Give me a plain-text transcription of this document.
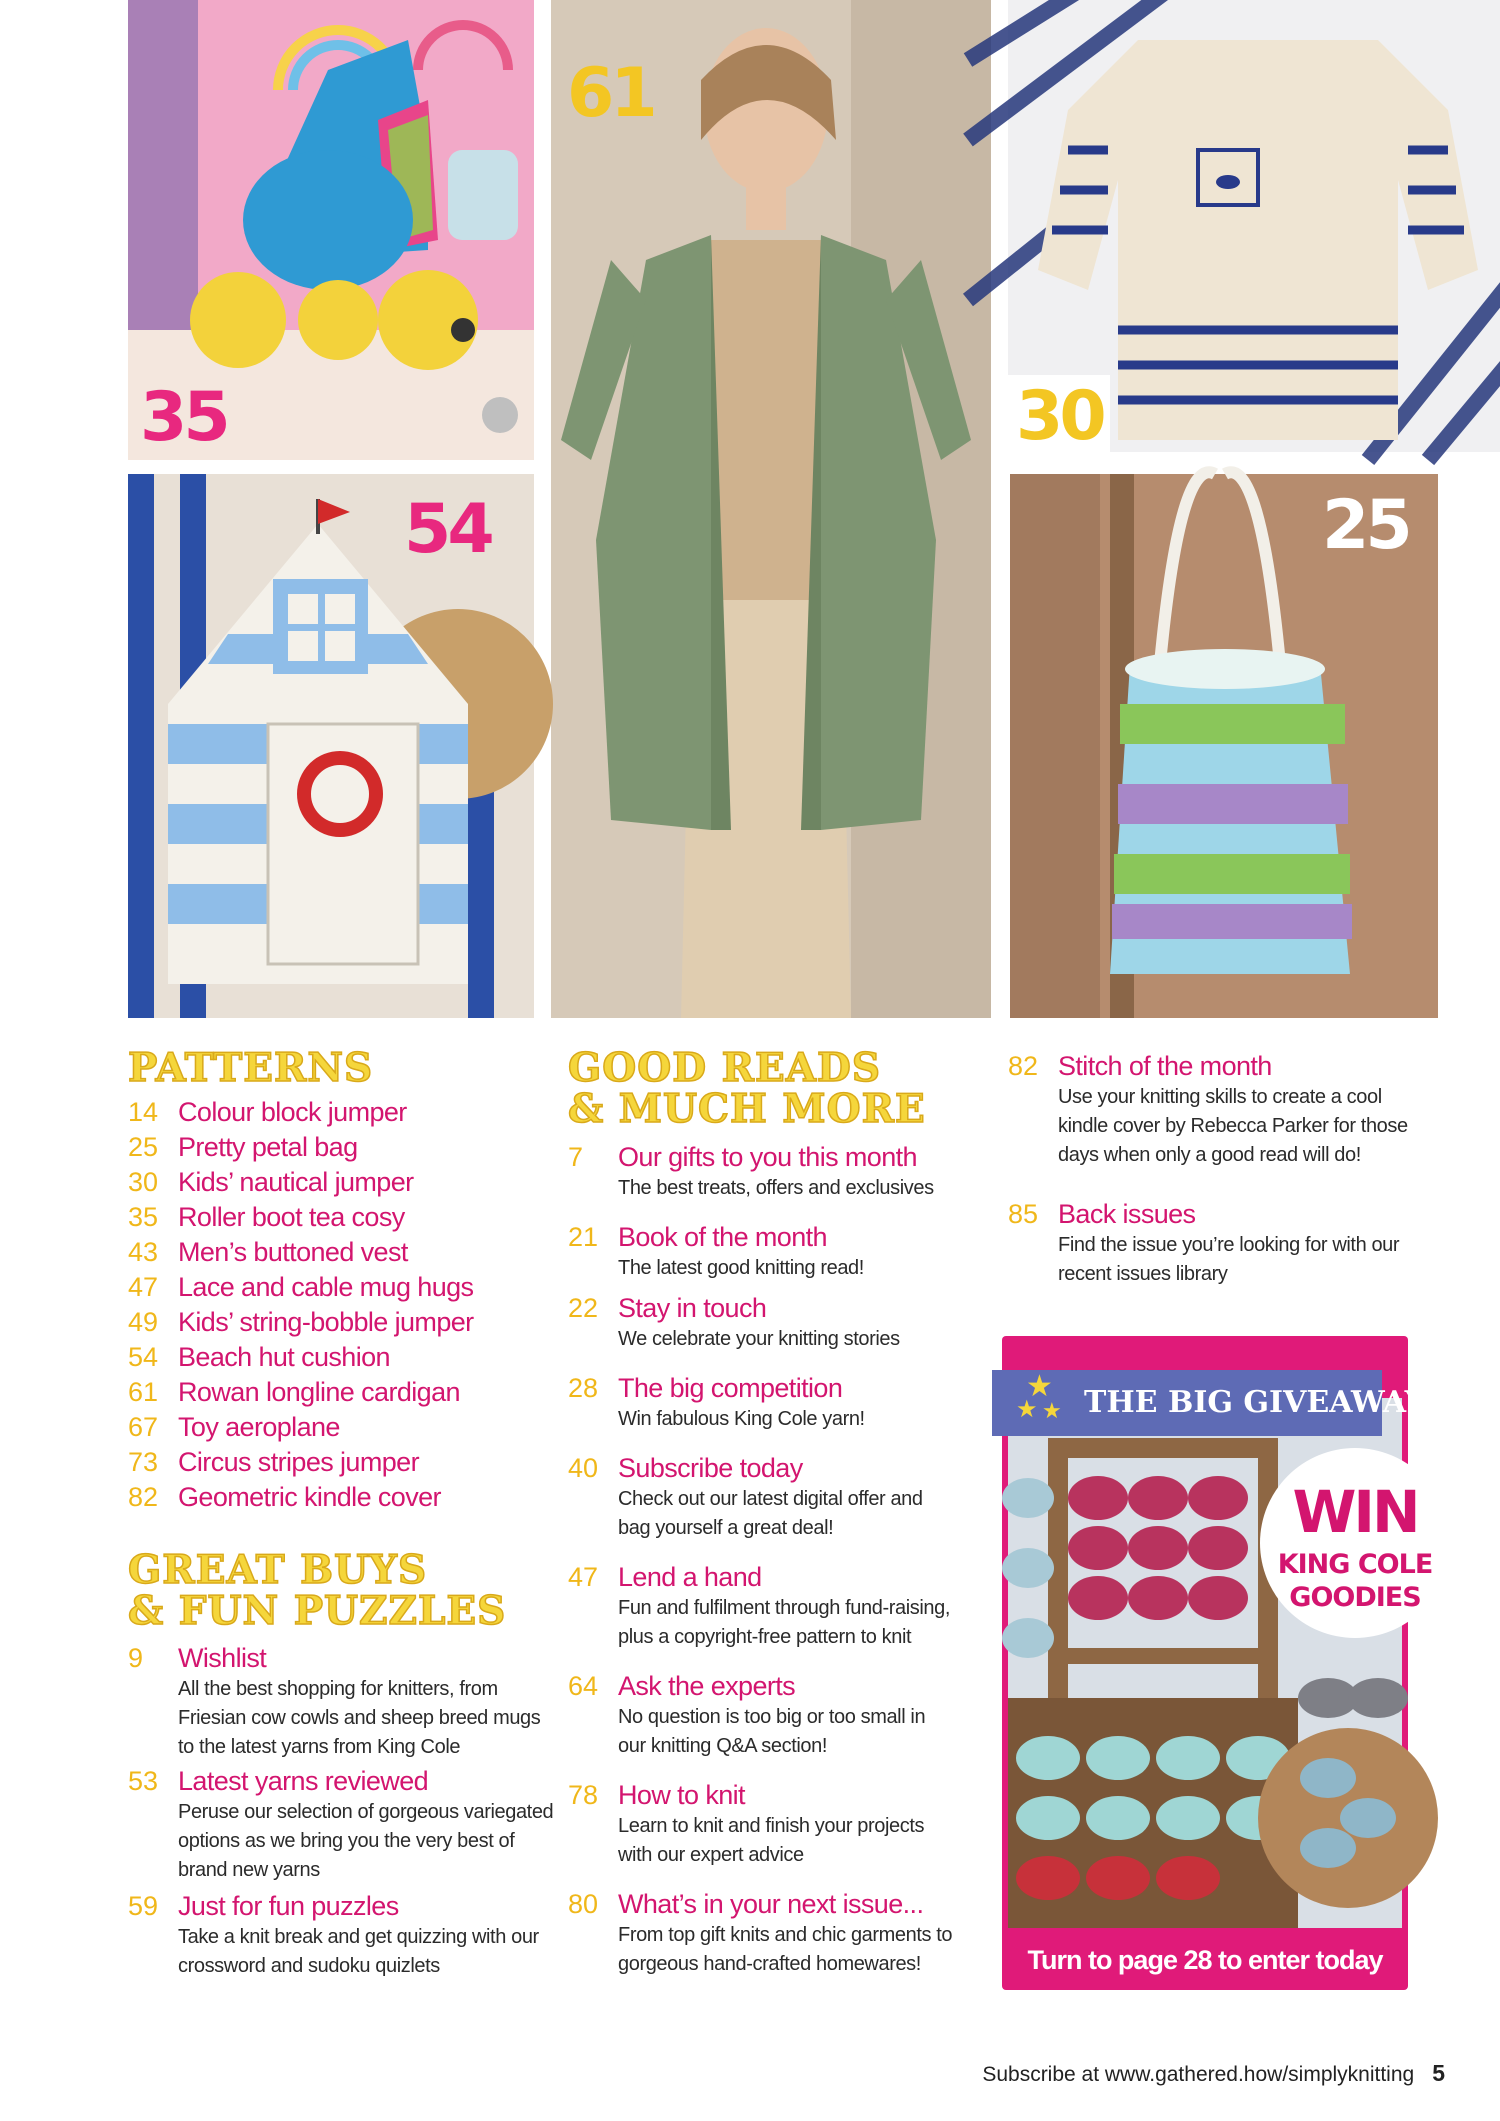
61
30
35
54	25
PATTERNS
14 Colour block jumper
25 Pretty petal bag
30 Kids’ nautical jumper
35 Roller boot tea cosy
43 Men’s buttoned vest
47 Lace and cable mug hugs
49 Kids’ string-bobble jumper
54 Beach hut cushion
61 Rowan longline cardigan
67 Toy aeroplane
73 Circus stripes jumper
82 Geometric kindle cover
GREAT BUYS
& FUN PUZZLES
9	Wishlist
All the best shopping for knitters, from Friesian cow cowls and sheep breed mugs to the latest yarns from King Cole
53 Latest yarns reviewed
Peruse our selection of gorgeous variegated options as we bring you the very best of brand new yarns
59 Just for fun puzzles
Take a knit break and get quizzing with our crossword and sudoku quizlets
GOOD READS
& MUCH MORE
7	Our gifts to you this month
The best treats, offers and exclusives
21 Book of the month
The latest good knitting read!
22 Stay in touch
We celebrate your knitting stories
28 The big competition
Win fabulous King Cole yarn!
40 Subscribe today
Check out our latest digital offer and bag yourself a great deal!
47 Lend a hand
Fun and fulfilment through fund-raising, plus a copyright-free pattern to knit
64 Ask the experts
No question is too big or too small in our knitting Q&A section!
78 How to knit
Learn to knit and finish your projects with our expert advice
80 What’s in your next issue...
From top gift knits and chic garments to gorgeous hand-crafted homewares!
82 Stitch of the month
Use your knitting skills to create a cool kindle cover by Rebecca Parker for those days when only a good read will do!
85 Back issues
Find the issue you’re looking for with our recent issues library
THE BIG GIVEAWAY
★
★ ★
WIN
KING COLE
GOODIES
Turn to page 28 to enter today
Subscribe at www.gathered.how/simplyknitting 5
